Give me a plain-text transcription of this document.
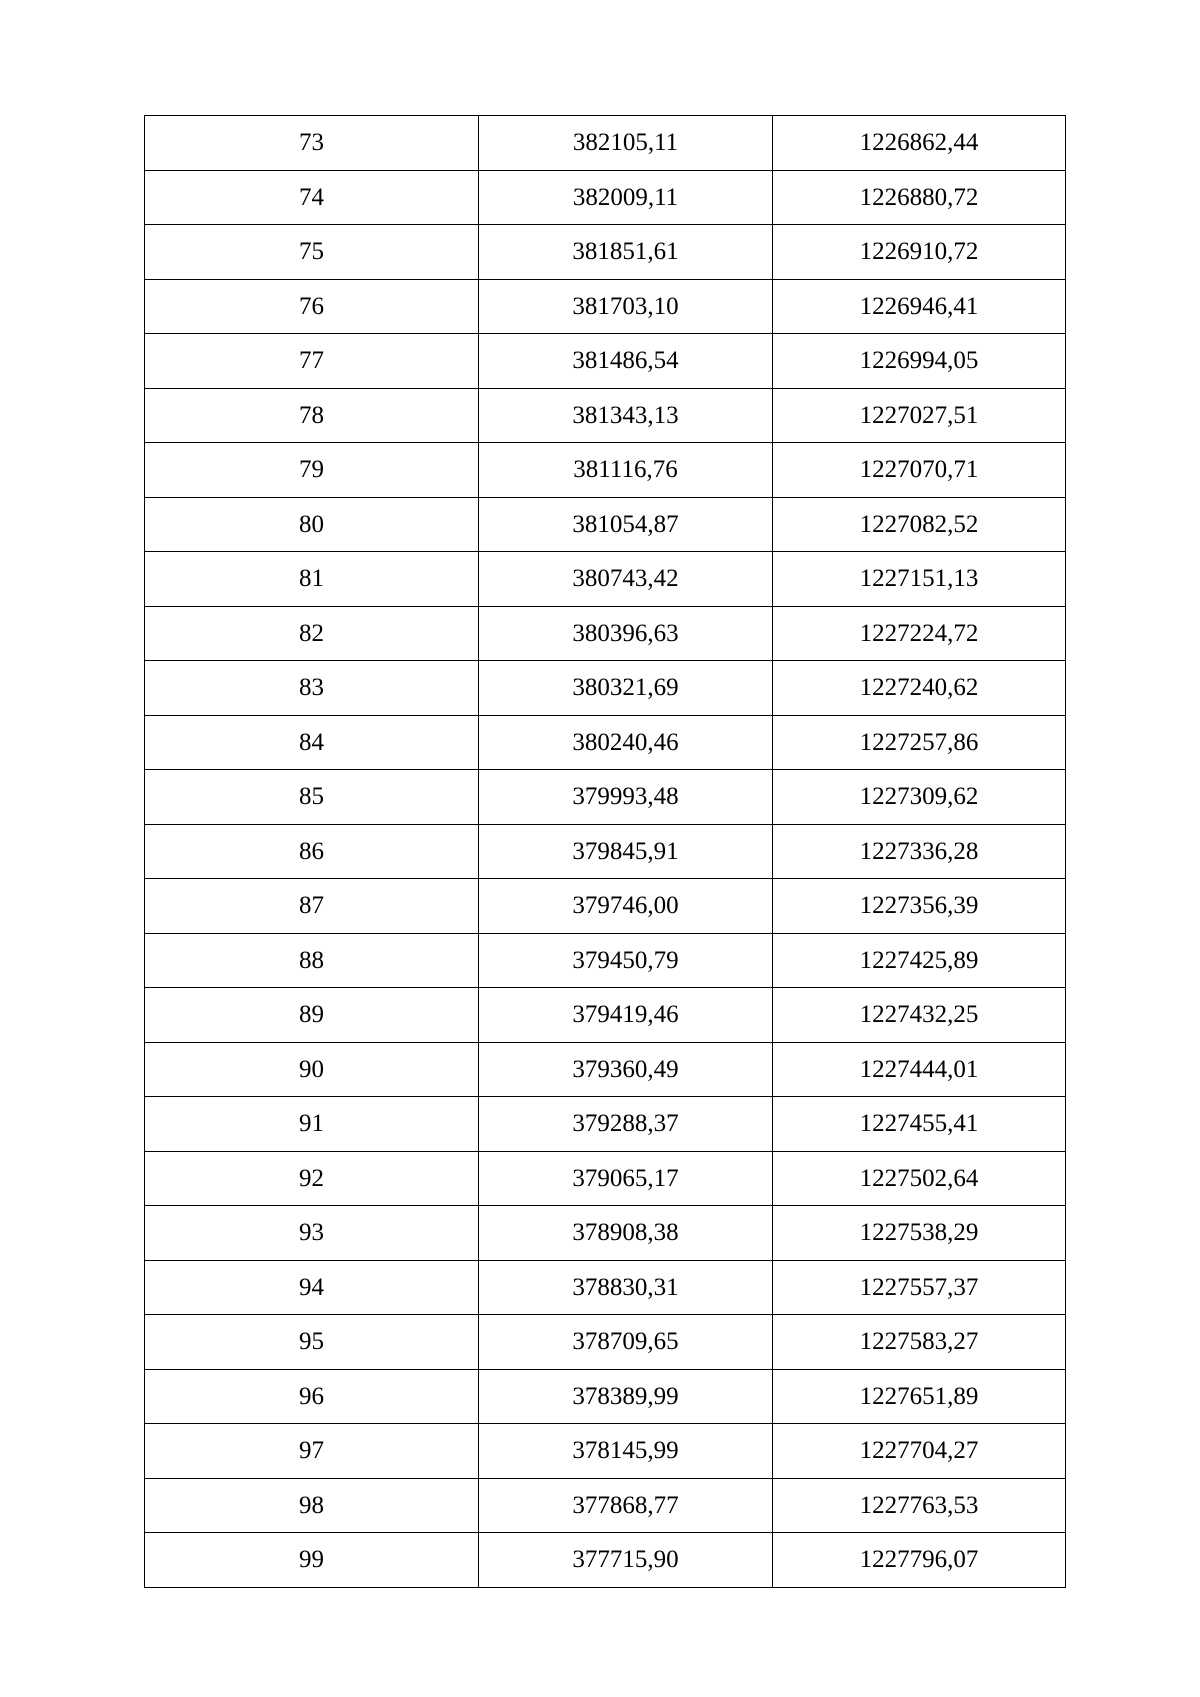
73	382105,11	1226862,44
74	382009,11	1226880,72
75	381851,61	1226910,72
76	381703,10	1226946,41
77	381486,54	1226994,05
78	381343,13	1227027,51
79	381116,76	1227070,71
80	381054,87	1227082,52
81	380743,42	1227151,13
82	380396,63	1227224,72
83	380321,69	1227240,62
84	380240,46	1227257,86
85	379993,48	1227309,62
86	379845,91	1227336,28
87	379746,00	1227356,39
88	379450,79	1227425,89
89	379419,46	1227432,25
90	379360,49	1227444,01
91	379288,37	1227455,41
92	379065,17	1227502,64
93	378908,38	1227538,29
94	378830,31	1227557,37
95	378709,65	1227583,27
96	378389,99	1227651,89
97	378145,99	1227704,27
98	377868,77	1227763,53
99	377715,90	1227796,07
